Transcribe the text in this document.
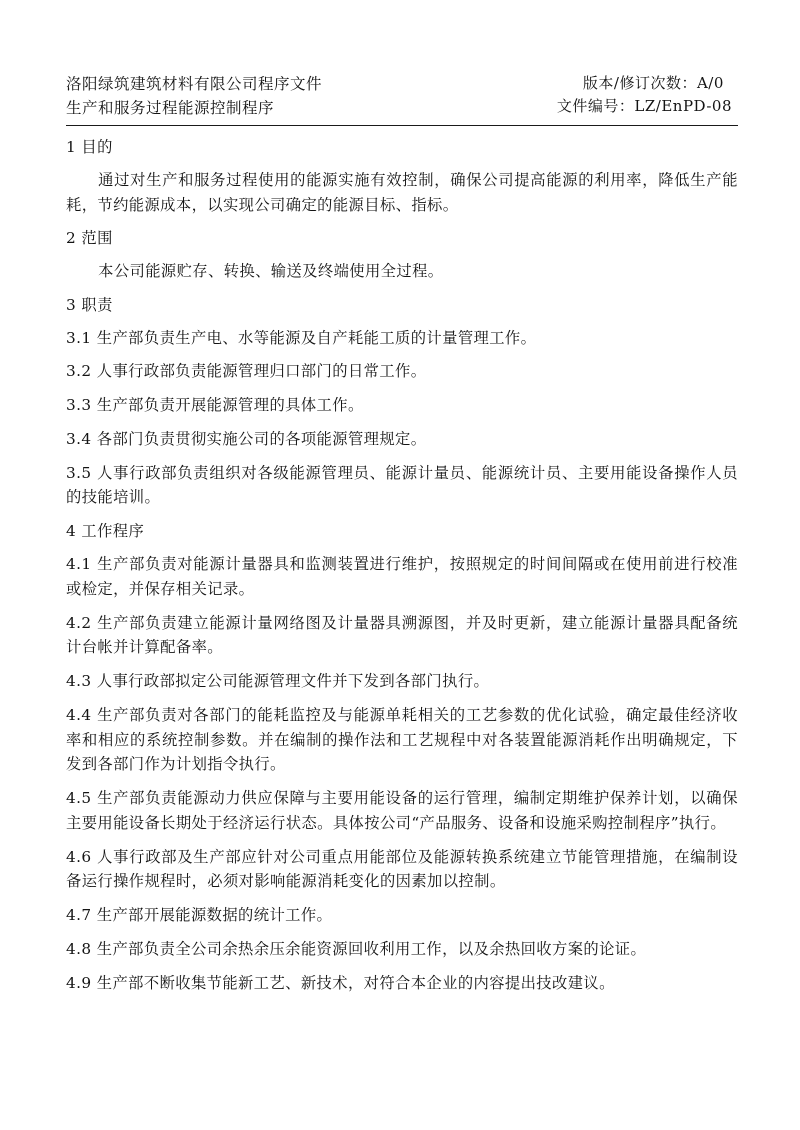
洛阳绿筑建筑材料有限公司程序文件
生产和服务过程能源控制程序
版本/修订次数：A/0
文件编号：LZ/EnPD-08

1 目的

通过对生产和服务过程使用的能源实施有效控制，确保公司提高能源的利用率，降低生产能耗，节约能源成本，以实现公司确定的能源目标、指标。

2 范围

本公司能源贮存、转换、输送及终端使用全过程。

3 职责

3.1 生产部负责生产电、水等能源及自产耗能工质的计量管理工作。

3.2 人事行政部负责能源管理归口部门的日常工作。

3.3 生产部负责开展能源管理的具体工作。

3.4 各部门负责贯彻实施公司的各项能源管理规定。

3.5 人事行政部负责组织对各级能源管理员、能源计量员、能源统计员、主要用能设备操作人员的技能培训。

4 工作程序

4.1 生产部负责对能源计量器具和监测装置进行维护，按照规定的时间间隔或在使用前进行校准或检定，并保存相关记录。

4.2 生产部负责建立能源计量网络图及计量器具溯源图，并及时更新，建立能源计量器具配备统计台帐并计算配备率。

4.3 人事行政部拟定公司能源管理文件并下发到各部门执行。

4.4 生产部负责对各部门的能耗监控及与能源单耗相关的工艺参数的优化试验，确定最佳经济收率和相应的系统控制参数。并在编制的操作法和工艺规程中对各装置能源消耗作出明确规定，下发到各部门作为计划指令执行。

4.5 生产部负责能源动力供应保障与主要用能设备的运行管理，编制定期维护保养计划，以确保主要用能设备长期处于经济运行状态。具体按公司“产品服务、设备和设施采购控制程序”执行。

4.6 人事行政部及生产部应针对公司重点用能部位及能源转换系统建立节能管理措施，在编制设备运行操作规程时，必须对影响能源消耗变化的因素加以控制。

4.7 生产部开展能源数据的统计工作。

4.8 生产部负责全公司余热余压余能资源回收利用工作，以及余热回收方案的论证。

4.9 生产部不断收集节能新工艺、新技术，对符合本企业的内容提出技改建议。
